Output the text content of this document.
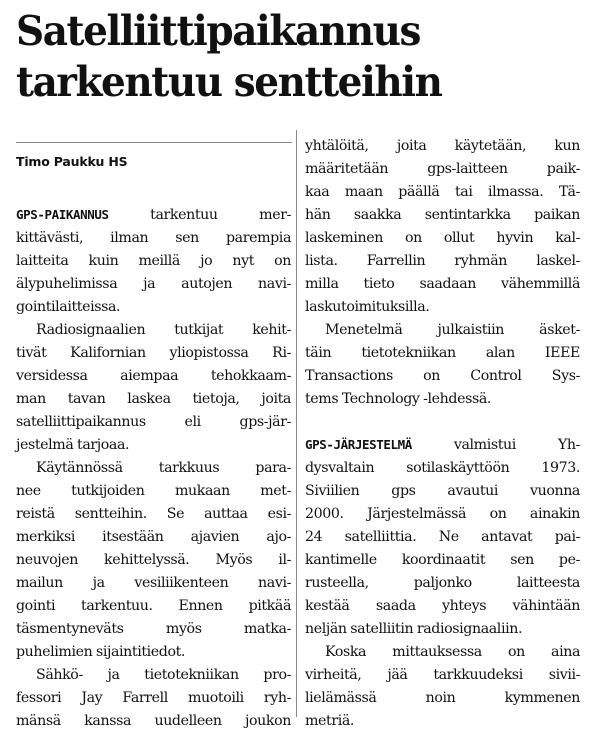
Satelliittipaikannus
tarkentuu sentteihin
Timo Paukku HS
GPS-PAIKANNUS tarkentuu mer-
kittävästi, ilman sen parempia
laitteita kuin meillä jo nyt on
älypuhelimissa ja autojen navi-
gointilaitteissa.
Radiosignaalien tutkijat kehit-
tivät Kalifornian yliopistossa Ri-
versidessa aiempaa tehokkaam-
man tavan laskea tietoja, joita
satelliittipaikannus eli gps-jär-
jestelmä tarjoaa.
Käytännössä tarkkuus para-
nee tutkijoiden mukaan met-
reistä sentteihin. Se auttaa esi-
merkiksi itsestään ajavien ajo-
neuvojen kehittelyssä. Myös il-
mailun ja vesiliikenteen navi-
gointi tarkentuu. Ennen pitkää
täsmentyneväts myös matka-
puhelimien sijaintitiedot.
Sähkö- ja tietotekniikan pro-
fessori Jay Farrell muotoili ryh-
mänsä kanssa uudelleen joukon
yhtälöitä, joita käytetään, kun
määritetään gps-laitteen paik-
kaa maan päällä tai ilmassa. Tä-
hän saakka sentintarkka paikan
laskeminen on ollut hyvin kal-
lista. Farrellin ryhmän laskel-
milla tieto saadaan vähemmillä
laskutoimituksilla.
Menetelmä julkaistiin äsket-
täin tietotekniikan alan IEEE
Transactions on Control Sys-
tems Technology -lehdessä.
GPS-JÄRJESTELMÄ valmistui Yh-
dysvaltain sotilaskäyttöön 1973.
Siviilien gps avautui vuonna
2000. Järjestelmässä on ainakin
24 satelliittia. Ne antavat pai-
kantimelle koordinaatit sen pe-
rusteella, paljonko laitteesta
kestää saada yhteys vähintään
neljän satelliitin radiosignaaliin.
Koska mittauksessa on aina
virheitä, jää tarkkuudeksi sivii-
lielämässä noin kymmenen
metriä.
